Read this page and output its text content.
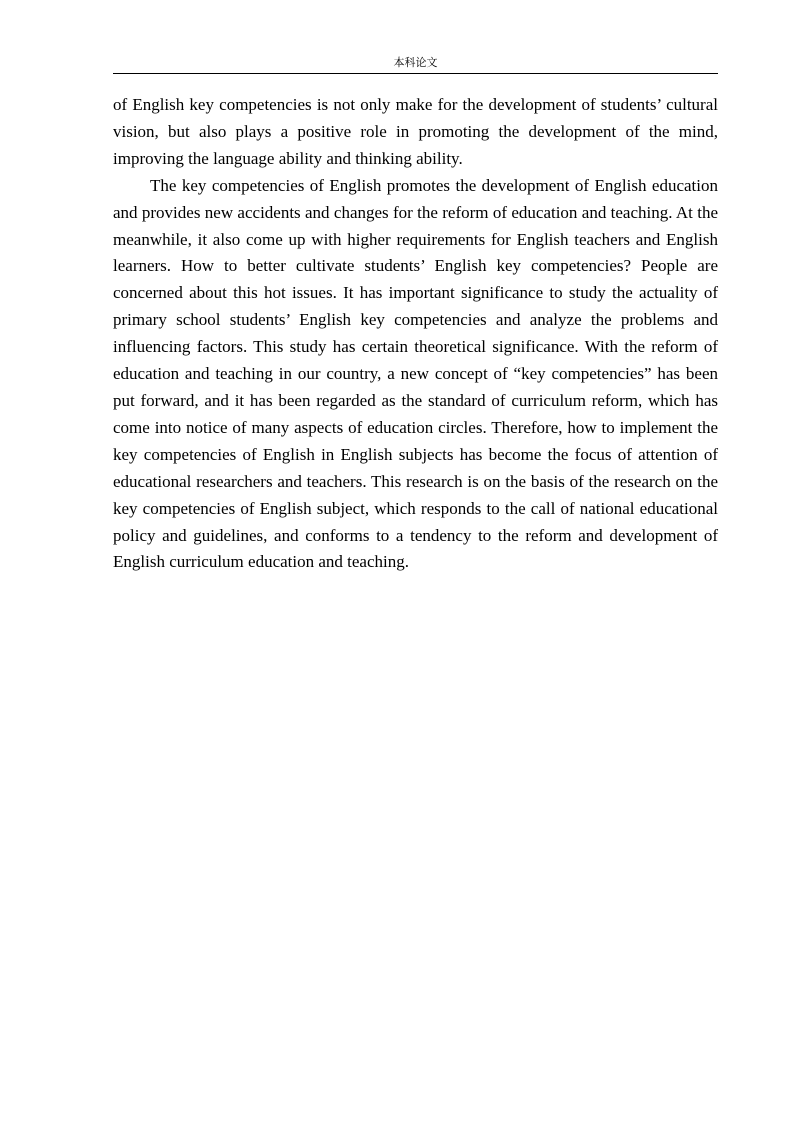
本科论文

of English key competencies is not only make for the development of students’ cultural vision, but also plays a positive role in promoting the development of the mind, improving the language ability and thinking ability.

The key competencies of English promotes the development of English education and provides new accidents and changes for the reform of education and teaching. At the meanwhile, it also come up with higher requirements for English teachers and English learners. How to better cultivate students’ English key competencies? People are concerned about this hot issues. It has important significance to study the actuality of primary school students’ English key competencies and analyze the problems and influencing factors. This study has certain theoretical significance. With the reform of education and teaching in our country, a new concept of “key competencies” has been put forward, and it has been regarded as the standard of curriculum reform, which has come into notice of many aspects of education circles. Therefore, how to implement the key competencies of English in English subjects has become the focus of attention of educational researchers and teachers. This research is on the basis of the research on the key competencies of English subject, which responds to the call of national educational policy and guidelines, and conforms to a tendency to the reform and development of English curriculum education and teaching.
